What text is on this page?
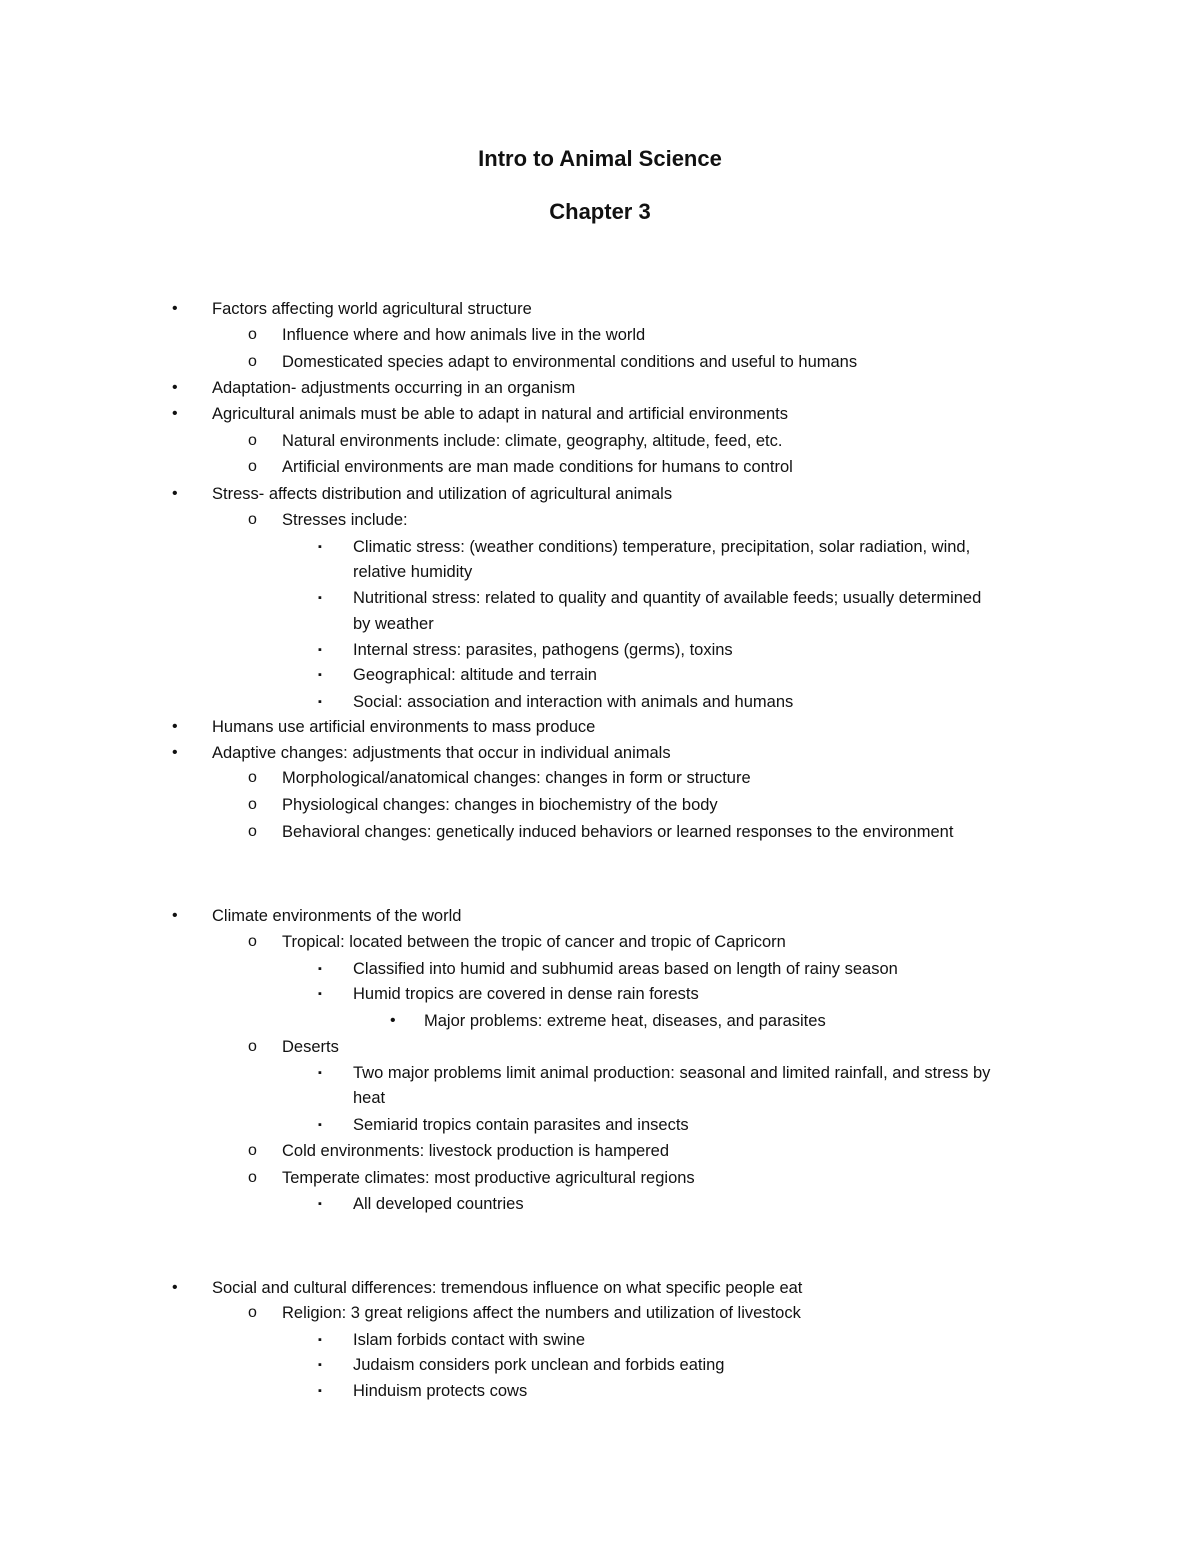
Intro to Animal Science
Chapter 3
• Factors affecting world agricultural structure
o Influence where and how animals live in the world
o Domesticated species adapt to environmental conditions and useful to humans
• Adaptation- adjustments occurring in an organism
• Agricultural animals must be able to adapt in natural and artificial environments
o Natural environments include: climate, geography, altitude, feed, etc.
o Artificial environments are man made conditions for humans to control
• Stress- affects distribution and utilization of agricultural animals
o Stresses include:
▪ Climatic stress: (weather conditions) temperature, precipitation, solar radiation, wind,
relative humidity
▪ Nutritional stress: related to quality and quantity of available feeds; usually determined
by weather
▪ Internal stress: parasites, pathogens (germs), toxins
▪ Geographical: altitude and terrain
▪ Social: association and interaction with animals and humans
• Humans use artificial environments to mass produce
• Adaptive changes: adjustments that occur in individual animals
o Morphological/anatomical changes: changes in form or structure
o Physiological changes: changes in biochemistry of the body
o Behavioral changes: genetically induced behaviors or learned responses to the environment
• Climate environments of the world
o Tropical: located between the tropic of cancer and tropic of Capricorn
▪ Classified into humid and subhumid areas based on length of rainy season
▪ Humid tropics are covered in dense rain forests
• Major problems: extreme heat, diseases, and parasites
o Deserts
▪ Two major problems limit animal production: seasonal and limited rainfall, and stress by
heat
▪ Semiarid tropics contain parasites and insects
o Cold environments: livestock production is hampered
o Temperate climates: most productive agricultural regions
▪ All developed countries
• Social and cultural differences: tremendous influence on what specific people eat
o Religion: 3 great religions affect the numbers and utilization of livestock
▪ Islam forbids contact with swine
▪ Judaism considers pork unclean and forbids eating
▪ Hinduism protects cows
